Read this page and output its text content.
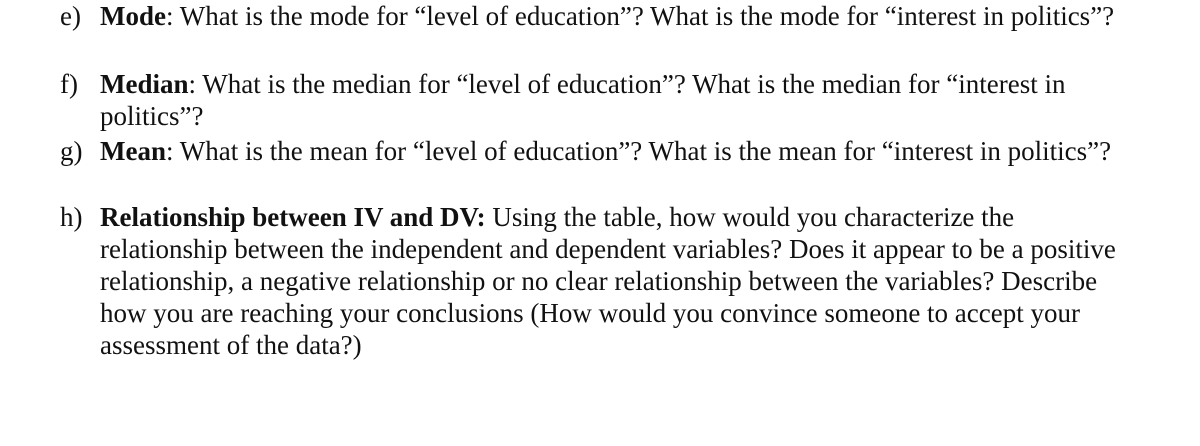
e) Mode: What is the mode for “level of education”? What is the mode for “interest in politics”?
f) Median: What is the median for “level of education”? What is the median for “interest in politics”?
g) Mean: What is the mean for “level of education”? What is the mean for “interest in politics”?
h) Relationship between IV and DV: Using the table, how would you characterize the relationship between the independent and dependent variables? Does it appear to be a positive relationship, a negative relationship or no clear relationship between the variables? Describe how you are reaching your conclusions (How would you convince someone to accept your assessment of the data?)
